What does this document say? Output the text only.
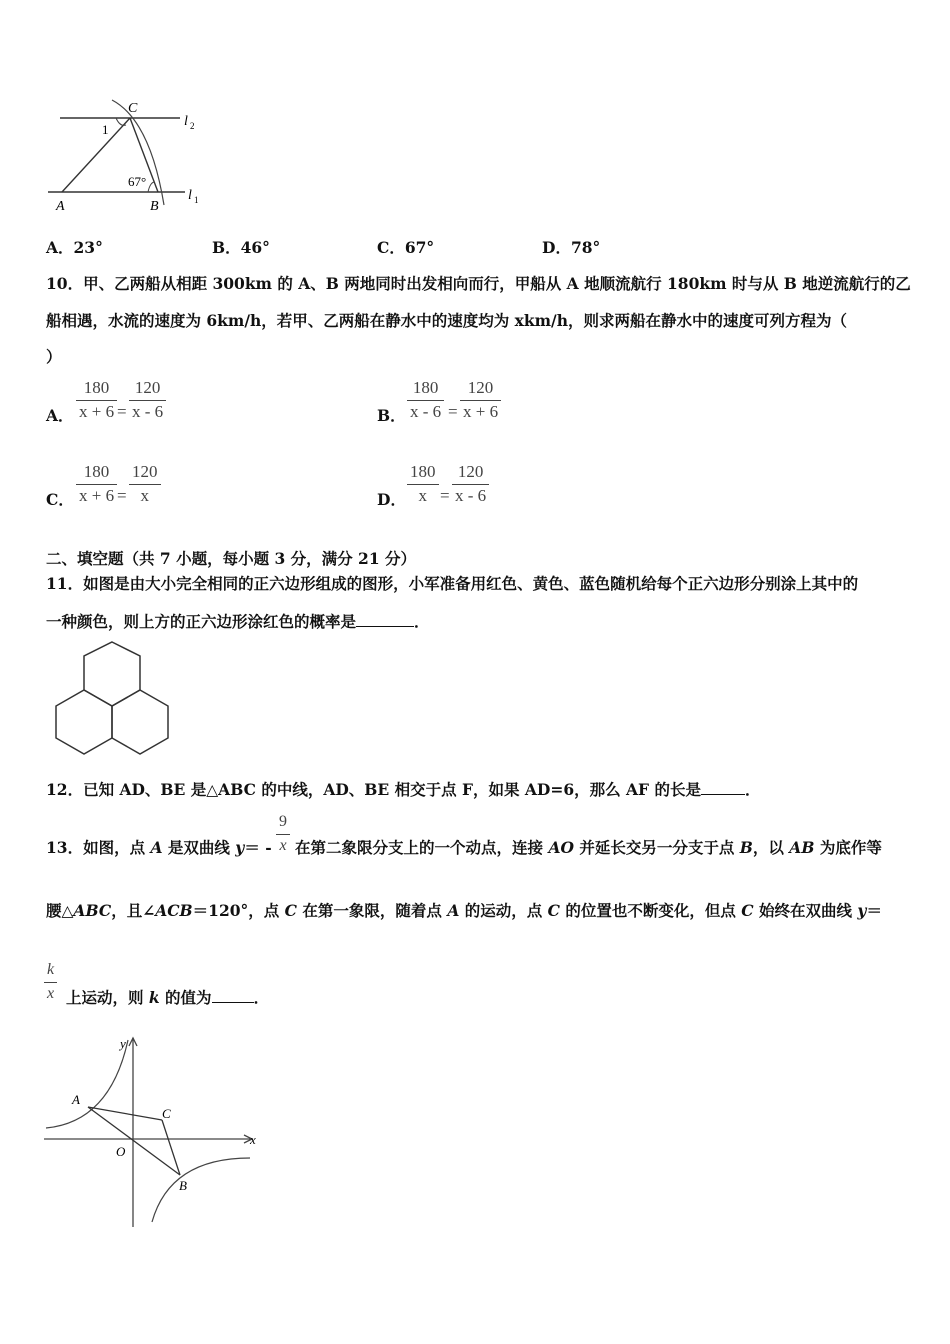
C
1
l 2
67°
A	B
l 1
A．23°	B．46°	C．67°	D．78°
10．甲、乙两船从相距 300km 的 A、B 两地同时出发相向而行，甲船从 A 地顺流航行 180km 时与从 B 地逆流航行的乙
船相遇，水流的速度为 6km/h，若甲、乙两船在静水中的速度均为 xkm/h，则求两船在静水中的速度可列方程为（
）
A． $\frac{180}{x + 6} = \frac{120}{x - 6}$	B． $\frac{180}{x - 6} = \frac{120}{x + 6}$
C． $\frac{180}{x + 6} = \frac{120}{x}$	D． $\frac{180}{x} = \frac{120}{x - 6}$
二、填空题（共 7 小题，每小题 3 分，满分 21 分）
11．如图是由大小完全相同的正六边形组成的图形，小军准备用红色、黄色、蓝色随机给每个正六边形分别涂上其中的
一种颜色，则上方的正六边形涂红色的概率是	．
12．已知 AD、BE 是△ABC 的中线，AD、BE 相交于点 F，如果 AD=6，那么 AF 的长是	．
$\frac{9}{x}$
13．如图，点 A 是双曲线 y＝ - 在第二象限分支上的一个动点，连接 AO 并延长交另一分支于点 B，以 AB 为底作等
腰△ABC，且∠ACB＝120°，点 C 在第一象限，随着点 A 的运动，点 C 的位置也不断变化，但点 C 始终在双曲线 y＝
$\frac{k}{x}$ 上运动，则 k 的值为	．
y
x
A
C
O
B
